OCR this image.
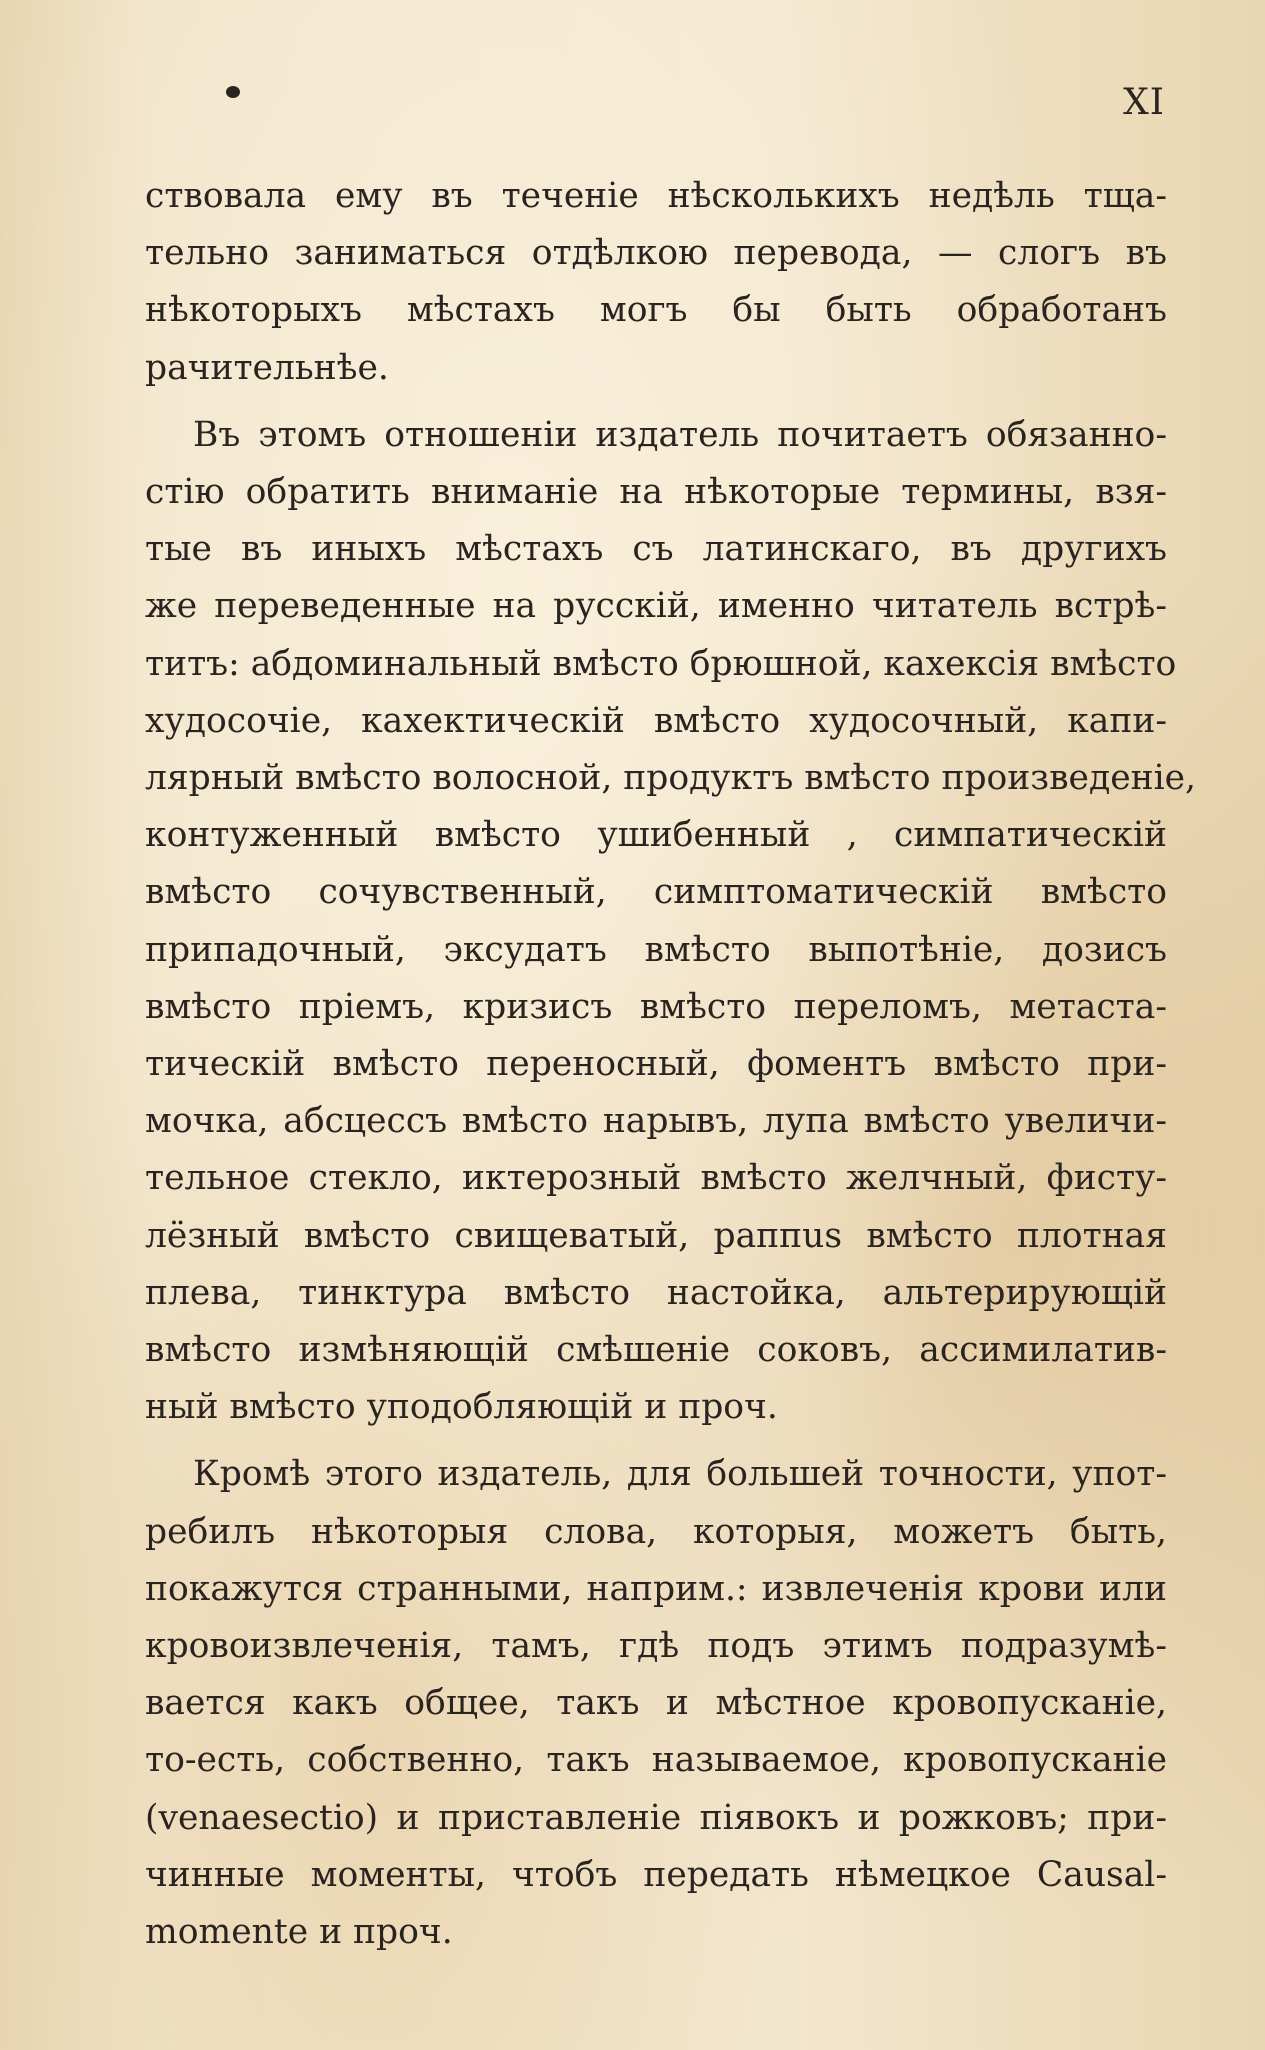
XI
ствовала ему въ теченіе нѣсколькихъ недѣль тща-
тельно заниматься отдѣлкою перевода, — слогъ въ
нѣкоторыхъ мѣстахъ могъ бы быть обработанъ
рачительнѣе.
Въ этомъ отношеніи издатель почитаетъ обязанно-
стію обратить вниманіе на нѣкоторые термины, взя-
тые въ иныхъ мѣстахъ съ латинскаго, въ другихъ
же переведенные на русскій, именно читатель встрѣ-
титъ: абдоминальный вмѣсто брюшной, кахексія вмѣсто
худосочіе, кахектическій вмѣсто худосочный, капи-
лярный вмѣсто волосной, продуктъ вмѣсто произведеніе,
контуженный вмѣсто ушибенный , симпатическій
вмѣсто сочувственный, симптоматическій вмѣсто
припадочный, эксудатъ вмѣсто выпотѣніе, дозисъ
вмѣсто пріемъ, кризисъ вмѣсто переломъ, метаста-
тическій вмѣсто переносный, фоментъ вмѣсто при-
мочка, абсцессъ вмѣсто нарывъ, лупа вмѣсто увеличи-
тельное стекло, иктерозный вмѣсто желчный, фисту-
лёзный вмѣсто свищеватый, раппus вмѣсто плотная
плева, тинктура вмѣсто настойка, альтерирующій
вмѣсто измѣняющій смѣшеніе соковъ, ассимилатив-
ный вмѣсто уподобляющій и проч.
Кромѣ этого издатель, для большей точности, упот-
ребилъ нѣкоторыя слова, которыя, можетъ быть,
покажутся странными, наприм.: извлеченія крови или
кровоизвлеченія, тамъ, гдѣ подъ этимъ подразумѣ-
вается какъ общее, такъ и мѣстное кровопусканіе,
то-есть, собственно, такъ называемое, кровопусканіе
(venaesectio) и приставленіе піявокъ и рожковъ; при-
чинные моменты, чтобъ передать нѣмецкое Causal-
momente и проч.
